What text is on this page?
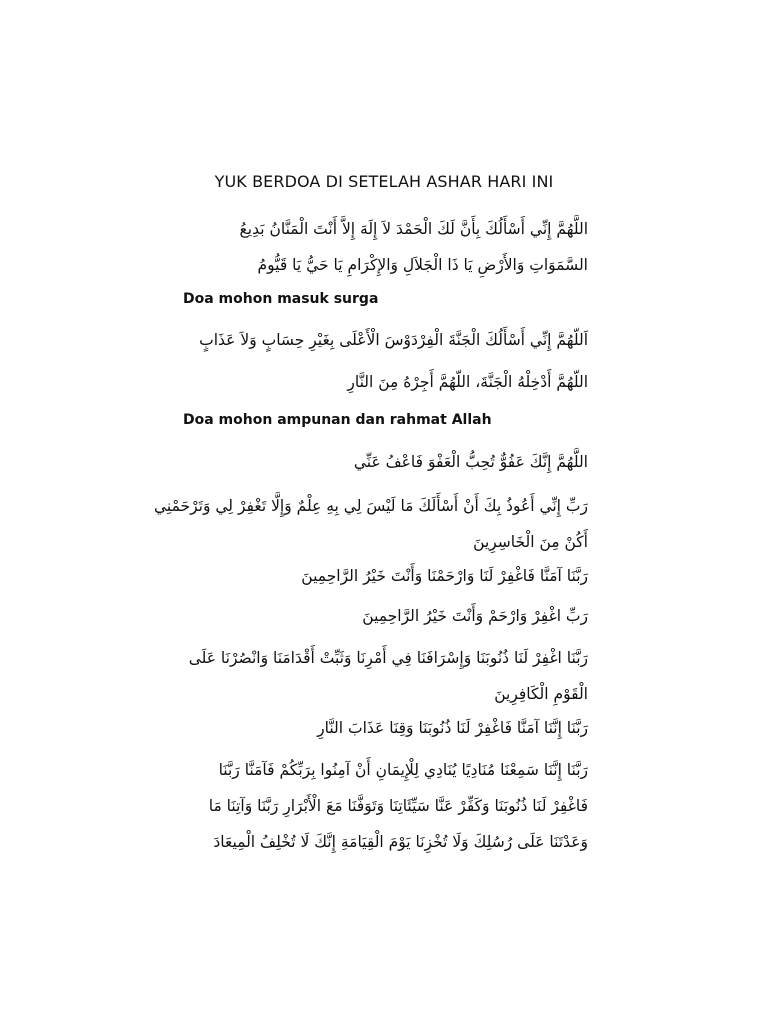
YUK BERDOA DI SETELAH ASHAR HARI INI
اللَّهُمَّ إِنِّي أَسْأَلُكَ بِأَنَّ لَكَ الْحَمْدَ لاَ إِلَهَ إِلاَّ أَنْتَ الْمَنَّانُ بَدِيعُ
السَّمَوَاتِ وَالأَرْضِ يَا ذَا الْجَلاَلِ وَالإِكْرَامِ يَا حَيُّ يَا قَيُّومُ
Doa mohon masuk surga
اَللّهُمَّ إِنِّي أَسْأَلُكَ الْجَنَّةَ الْفِرْدَوْسَ الْأَعْلَى بِغَيْرِ حِسَابٍ وَلاَ عَذَابٍ
اللّهُمَّ أَدْخِلْهُ الْجَنَّةَ، اللّهُمَّ أَجِرْهُ مِنَ النَّارِ
Doa mohon ampunan dan rahmat Allah
اللَّهُمَّ إِنَّكَ عَفُوٌّ تُحِبُّ الْعَفْوَ فَاعْفُ عَنِّي
رَبِّ إِنِّي أَعُوذُ بِكَ أَنْ أَسْأَلَكَ مَا لَيْسَ لِي بِهِ عِلْمٌ وَإِلَّا تَغْفِرْ لِي وَتَرْحَمْنِي
أَكُنْ مِنَ الْخَاسِرِينَ
رَبَّنَا آمَنَّا فَاغْفِرْ لَنَا وَارْحَمْنَا وَأَنْتَ خَيْرُ الرَّاحِمِينَ
رَبِّ اغْفِرْ وَارْحَمْ وَأَنْتَ خَيْرُ الرَّاحِمِينَ
رَبَّنَا اغْفِرْ لَنَا ذُنُوبَنَا وَإِسْرَافَنَا فِي أَمْرِنَا وَثَبِّتْ أَقْدَامَنَا وَانْصُرْنَا عَلَى
الْقَوْمِ الْكَافِرِينَ
رَبَّنَا إِنَّنَا آمَنَّا فَاغْفِرْ لَنَا ذُنُوبَنَا وَقِنَا عَذَابَ النَّارِ
رَبَّنَا إِنَّنَا سَمِعْنَا مُنَادِيًا يُنَادِي لِلْإِيمَانِ أَنْ آمِنُوا بِرَبِّكُمْ فَآمَنَّا رَبَّنَا
فَاغْفِرْ لَنَا ذُنُوبَنَا وَكَفِّرْ عَنَّا سَيِّئَاتِنَا وَتَوَفَّنَا مَعَ الْأَبْرَارِ رَبَّنَا وَآتِنَا مَا
وَعَدْتَنَا عَلَى رُسُلِكَ وَلَا تُخْزِنَا يَوْمَ الْقِيَامَةِ إِنَّكَ لَا تُخْلِفُ الْمِيعَادَ
